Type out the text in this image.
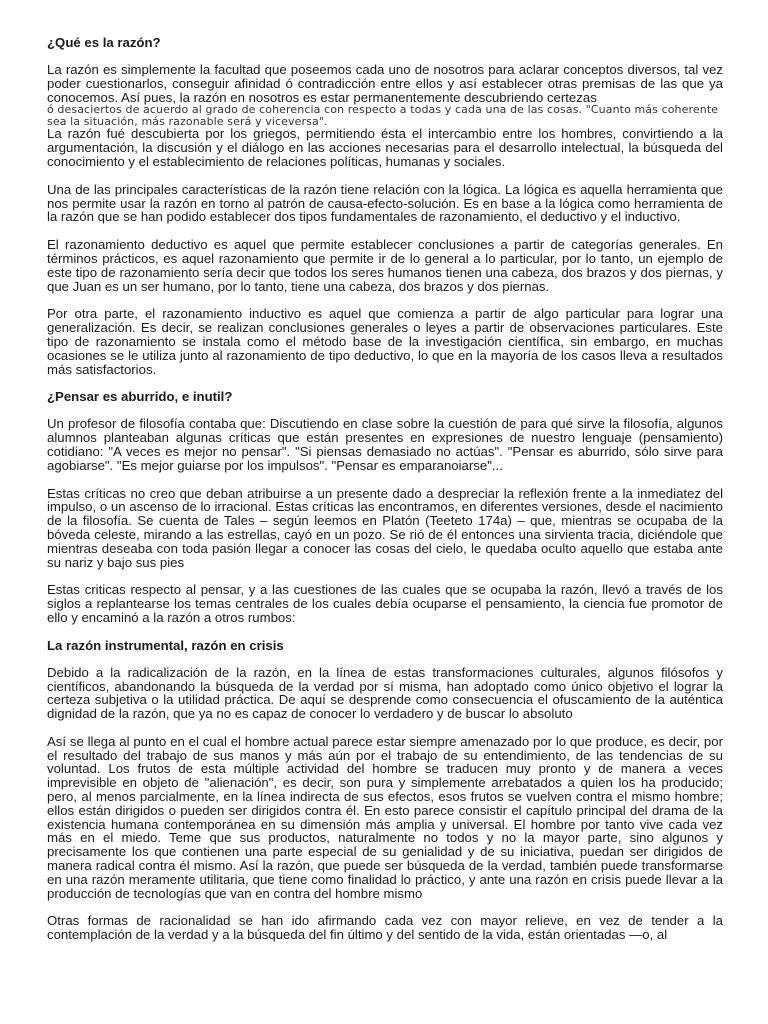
¿Qué es la razón?

La razón es simplemente la facultad que poseemos cada uno de nosotros para aclarar conceptos diversos, tal vez poder cuestionarlos, conseguir afinidad ó contradicción entre ellos y así establecer otras premisas de las que ya conocemos. Así pues, la razón en nosotros es estar permanentemente descubriendo certezas

ó desaciertos de acuerdo al grado de coherencia con respecto a todas y cada una de las cosas. "Cuanto más coherente sea la situación, más razonable será y viceversa".

La razón fué descubierta por los griegos, permitiendo ésta el intercambio entre los hombres, convirtiendo a la argumentación, la discusión y el diálogo en las acciones necesarias para el desarrollo intelectual, la búsqueda del conocimiento y el establecimiento de relaciones políticas, humanas y sociales.

Una de las principales características de la razón tiene relación con la lógica. La lógica es aquella herramienta que nos permite usar la razón en torno al patrón de causa-efecto-solución. Es en base a la lógica como herramienta de la razón que se han podido establecer dos tipos fundamentales de razonamiento, el deductivo y el inductivo.

El razonamiento deductivo es aquel que permite establecer conclusiones a partir de categorías generales. En términos prácticos, es aquel razonamiento que permite ir de lo general a lo particular, por lo tanto, un ejemplo de este tipo de razonamiento sería decir que todos los seres humanos tienen una cabeza, dos brazos y dos piernas, y que Juan es un ser humano, por lo tanto, tiene una cabeza, dos brazos y dos piernas.

Por otra parte, el razonamiento inductivo es aquel que comienza a partir de algo particular para lograr una generalización. Es decir, se realizan conclusiones generales o leyes a partir de observaciones particulares. Este tipo de razonamiento se instala como el método base de la investigación científica, sin embargo, en muchas ocasiones se le utiliza junto al razonamiento de tipo deductivo, lo que en la mayoría de los casos lleva a resultados más satisfactorios.

¿Pensar es aburrido, e inutil?

Un profesor de filosofía contaba que: Discutiendo en clase sobre la cuestión de para qué sirve la filosofía, algunos alumnos planteaban algunas críticas que están presentes en expresiones de nuestro lenguaje (pensamiento) cotidiano: "A veces es mejor no pensar". "Si piensas demasiado no actúas". "Pensar es aburrido, sólo sirve para agobiarse". "Es mejor guiarse por los impulsos". "Pensar es emparanoiarse"...

Estas críticas no creo que deban atribuirse a un presente dado a despreciar la reflexión frente a la inmediatez del impulso, o un ascenso de lo irracional. Estas críticas las encontramos, en diferentes versiones, desde el nacimiento de la filosofía. Se cuenta de Tales – según leemos en Platón (Teeteto 174a) – que, mientras se ocupaba de la bóveda celeste, mirando a las estrellas, cayó en un pozo. Se rió de él entonces una sirvienta tracia, diciéndole que mientras deseaba con toda pasión llegar a conocer las cosas del cielo, le quedaba oculto aquello que estaba ante su nariz y bajo sus pies

Estas criticas respecto al pensar, y a las cuestiones de las cuales que se ocupaba la razón, llevó a través de los siglos a replantearse los temas centrales de los cuales debía ocuparse el pensamiento, la ciencia fue promotor de ello y encaminó a la razón a otros rumbos:

La razón instrumental, razón en crisis

Debido a la radicalización de la razón, en la línea de estas transformaciones culturales, algunos filósofos y científicos, abandonando la búsqueda de la verdad por sí misma, han adoptado como único objetivo el lograr la certeza subjetiva o la utilidad práctica. De aquí se desprende como consecuencia el ofuscamiento de la auténtica dignidad de la razón, que ya no es capaz de conocer lo verdadero y de buscar lo absoluto

Así se llega al punto en el cual el hombre actual parece estar siempre amenazado por lo que produce, es decir, por el resultado del trabajo de sus manos y más aún por el trabajo de su entendimiento, de las tendencias de su voluntad. Los frutos de esta múltiple actividad del hombre se traducen muy pronto y de manera a veces imprevisible en objeto de "alienación", es decir, son pura y simplemente arrebatados a quien los ha producido; pero, al menos parcialmente, en la línea indirecta de sus efectos, esos frutos se vuelven contra el mismo hombre; ellos están dirigidos o pueden ser dirigidos contra él. En esto parece consistir el capítulo principal del drama de la existencia humana contemporánea en su dimensión más amplia y universal. El hombre por tanto vive cada vez más en el miedo. Teme que sus productos, naturalmente no todos y no la mayor parte, sino algunos y precisamente los que contienen una parte especial de su genialidad y de su iniciativa, puedan ser dirigidos de manera radical contra él mismo. Así la razón, que puede ser búsqueda de la verdad, también puede transformarse en una razón meramente utilitaria, que tiene como finalidad lo práctico, y ante una razón en crisis puede llevar a la producción de tecnologías que van en contra del hombre mismo

Otras formas de racionalidad se han ido afirmando cada vez con mayor relieve, en vez de tender a la contemplación de la verdad y a la búsqueda del fin último y del sentido de la vida, están orientadas —o, al
